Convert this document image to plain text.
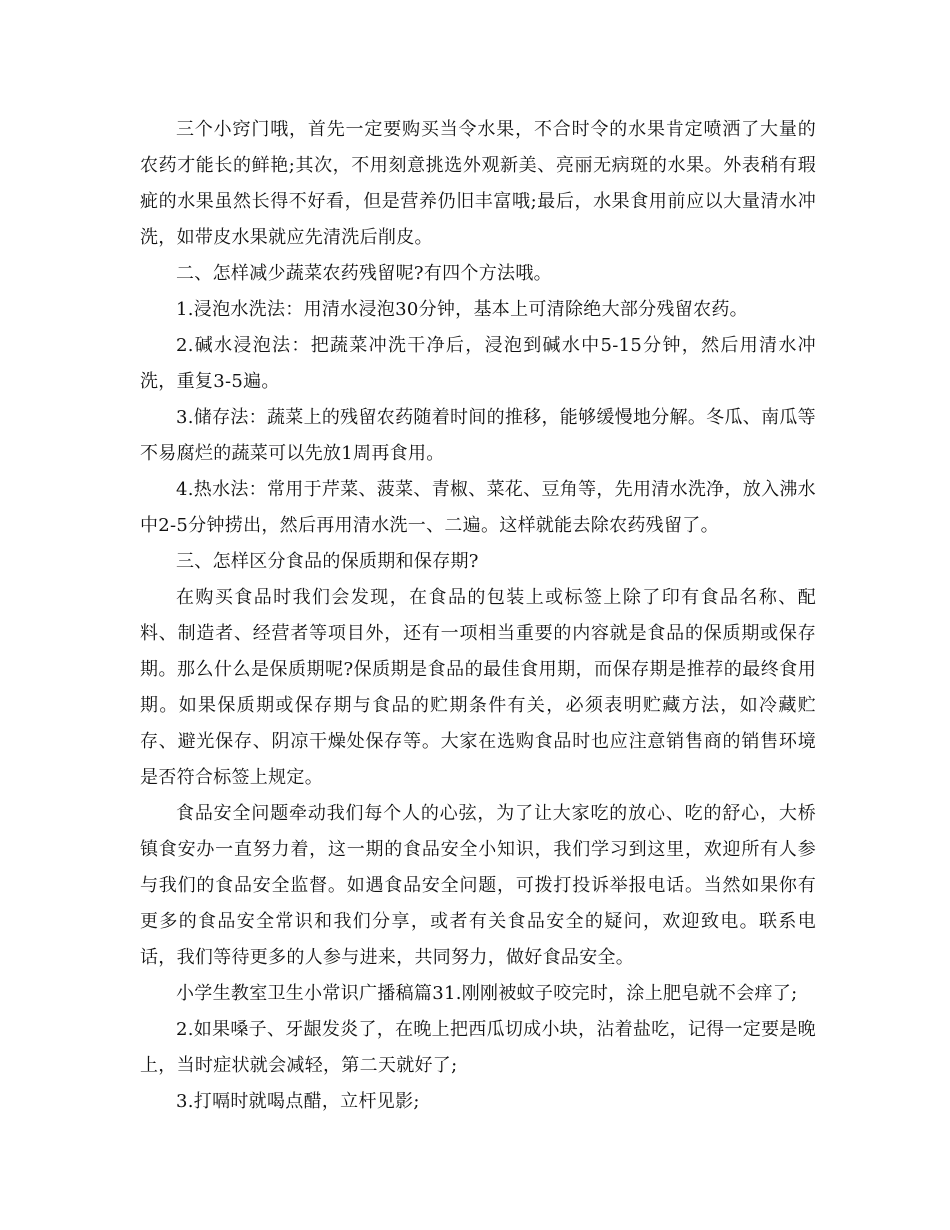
三个小窍门哦，首先一定要购买当令水果，不合时令的水果肯定喷洒了大量的农药才能长的鲜艳;其次，不用刻意挑选外观新美、亮丽无病斑的水果。外表稍有瑕疵的水果虽然长得不好看，但是营养仍旧丰富哦;最后，水果食用前应以大量清水冲洗，如带皮水果就应先清洗后削皮。

二、怎样减少蔬菜农药残留呢?有四个方法哦。

1.浸泡水洗法：用清水浸泡30分钟，基本上可清除绝大部分残留农药。

2.碱水浸泡法：把蔬菜冲洗干净后，浸泡到碱水中5-15分钟，然后用清水冲洗，重复3-5遍。

3.储存法：蔬菜上的残留农药随着时间的推移，能够缓慢地分解。冬瓜、南瓜等不易腐烂的蔬菜可以先放1周再食用。

4.热水法：常用于芹菜、菠菜、青椒、菜花、豆角等，先用清水洗净，放入沸水中2-5分钟捞出，然后再用清水洗一、二遍。这样就能去除农药残留了。

三、怎样区分食品的保质期和保存期?

在购买食品时我们会发现，在食品的包装上或标签上除了印有食品名称、配料、制造者、经营者等项目外，还有一项相当重要的内容就是食品的保质期或保存期。那么什么是保质期呢?保质期是食品的最佳食用期，而保存期是推荐的最终食用期。如果保质期或保存期与食品的贮期条件有关，必须表明贮藏方法，如冷藏贮存、避光保存、阴凉干燥处保存等。大家在选购食品时也应注意销售商的销售环境是否符合标签上规定。

食品安全问题牵动我们每个人的心弦，为了让大家吃的放心、吃的舒心，大桥镇食安办一直努力着，这一期的食品安全小知识，我们学习到这里，欢迎所有人参与我们的食品安全监督。如遇食品安全问题，可拨打投诉举报电话。当然如果你有更多的食品安全常识和我们分享，或者有关食品安全的疑问，欢迎致电。联系电话，我们等待更多的人参与进来，共同努力，做好食品安全。

小学生教室卫生小常识广播稿篇31.刚刚被蚊子咬完时，涂上肥皂就不会痒了;

2.如果嗓子、牙龈发炎了，在晚上把西瓜切成小块，沾着盐吃，记得一定要是晚上，当时症状就会减轻，第二天就好了;

3.打嗝时就喝点醋，立杆见影;
